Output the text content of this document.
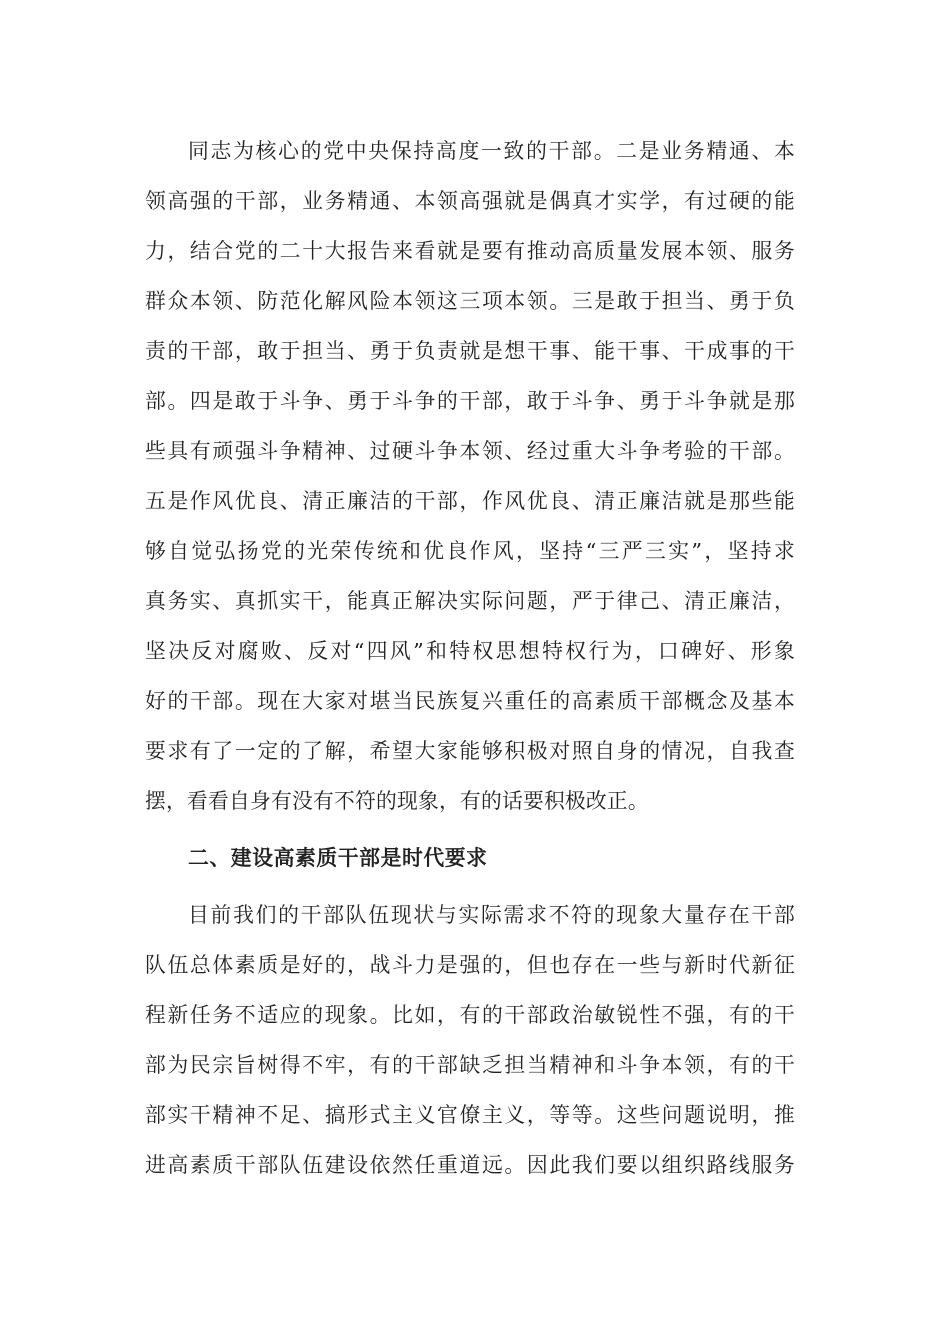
同志为核心的党中央保持高度一致的干部。二是业务精通、本
领高强的干部，业务精通、本领高强就是偶真才实学，有过硬的能
力，结合党的二十大报告来看就是要有推动高质量发展本领、服务
群众本领、防范化解风险本领这三项本领。三是敢于担当、勇于负
责的干部，敢于担当、勇于负责就是想干事、能干事、干成事的干
部。四是敢于斗争、勇于斗争的干部，敢于斗争、勇于斗争就是那
些具有顽强斗争精神、过硬斗争本领、经过重大斗争考验的干部。
五是作风优良、清正廉洁的干部，作风优良、清正廉洁就是那些能
够自觉弘扬党的光荣传统和优良作风，坚持“三严三实”，坚持求
真务实、真抓实干，能真正解决实际问题，严于律己、清正廉洁，
坚决反对腐败、反对“四风”和特权思想特权行为，口碑好、形象
好的干部。现在大家对堪当民族复兴重任的高素质干部概念及基本
要求有了一定的了解，希望大家能够积极对照自身的情况，自我查
摆，看看自身有没有不符的现象，有的话要积极改正。
二、建设高素质干部是时代要求
目前我们的干部队伍现状与实际需求不符的现象大量存在干部
队伍总体素质是好的，战斗力是强的，但也存在一些与新时代新征
程新任务不适应的现象。比如，有的干部政治敏锐性不强，有的干
部为民宗旨树得不牢，有的干部缺乏担当精神和斗争本领，有的干
部实干精神不足、搞形式主义官僚主义，等等。这些问题说明，推
进高素质干部队伍建设依然任重道远。因此我们要以组织路线服务
